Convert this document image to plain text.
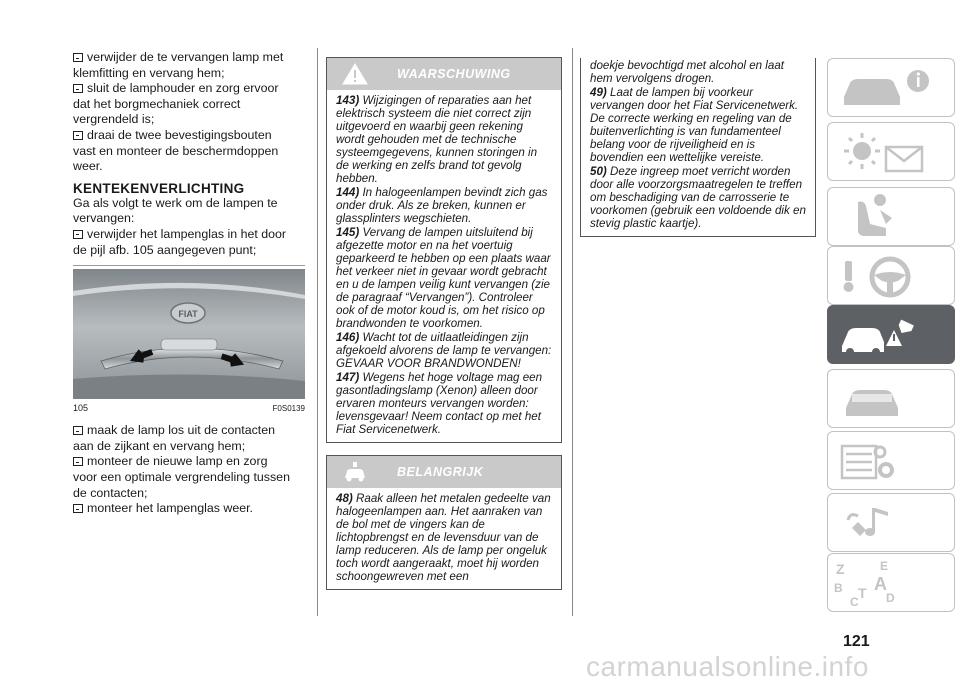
verwijder de te vervangen lamp met
klemfitting en vervang hem;

sluit de lamphouder en zorg ervoor
dat het borgmechaniek correct vergrendeld is;

draai de twee bevestigingsbouten
vast en monteer de beschermdoppen weer.

KENTEKENVERLICHTING

Ga als volgt te werk om de lampen te vervangen:

verwijder het lampenglas in het door
de pijl afb. 105 aangegeven punt;

FIAT
105	F0S0139

maak de lamp los uit de contacten
aan de zijkant en vervang hem;

monteer de nieuwe lamp en zorg
voor een optimale vergrendeling tussen de contacten;

monteer het lampenglas weer.

WAARSCHUWING

143) Wijzigingen of reparaties aan het elektrisch systeem die niet correct zijn uitgevoerd en waarbij geen rekening wordt gehouden met de technische systeemgegevens, kunnen storingen in de werking en zelfs brand tot gevolg hebben.

144) In halogeenlampen bevindt zich gas onder druk. Als ze breken, kunnen er glassplinters wegschieten.

145) Vervang de lampen uitsluitend bij afgezette motor en na het voertuig geparkeerd te hebben op een plaats waar het verkeer niet in gevaar wordt gebracht en u de lampen veilig kunt vervangen (zie de paragraaf “Vervangen”). Controleer ook of de motor koud is, om het risico op brandwonden te voorkomen.

146) Wacht tot de uitlaatleidingen zijn afgekoeld alvorens de lamp te vervangen: GEVAAR VOOR BRANDWONDEN!

147) Wegens het hoge voltage mag een gasontladingslamp (Xenon) alleen door ervaren monteurs vervangen worden: levensgevaar! Neem contact op met het Fiat Servicenetwerk.

BELANGRIJK

48) Raak alleen het metalen gedeelte van halogeenlampen aan. Het aanraken van de bol met de vingers kan de lichtopbrengst en de levensduur van de lamp reduceren. Als de lamp per ongeluk toch wordt aangeraakt, moet hij worden schoongewreven met een

doekje bevochtigd met alcohol en laat hem vervolgens drogen.

49) Laat de lampen bij voorkeur vervangen door het Fiat Servicenetwerk. De correcte werking en regeling van de buitenverlichting is van fundamenteel belang voor de rijveiligheid en is bovendien een wettelijke vereiste.

50) Deze ingreep moet verricht worden door alle voorzorgsmaatregelen te treffen om beschadiging van de carrosserie te voorkomen (gebruik een voldoende dik en stevig plastic kaartje).

Z	E
A
B
C
T D
121
carmanualsonline.info
